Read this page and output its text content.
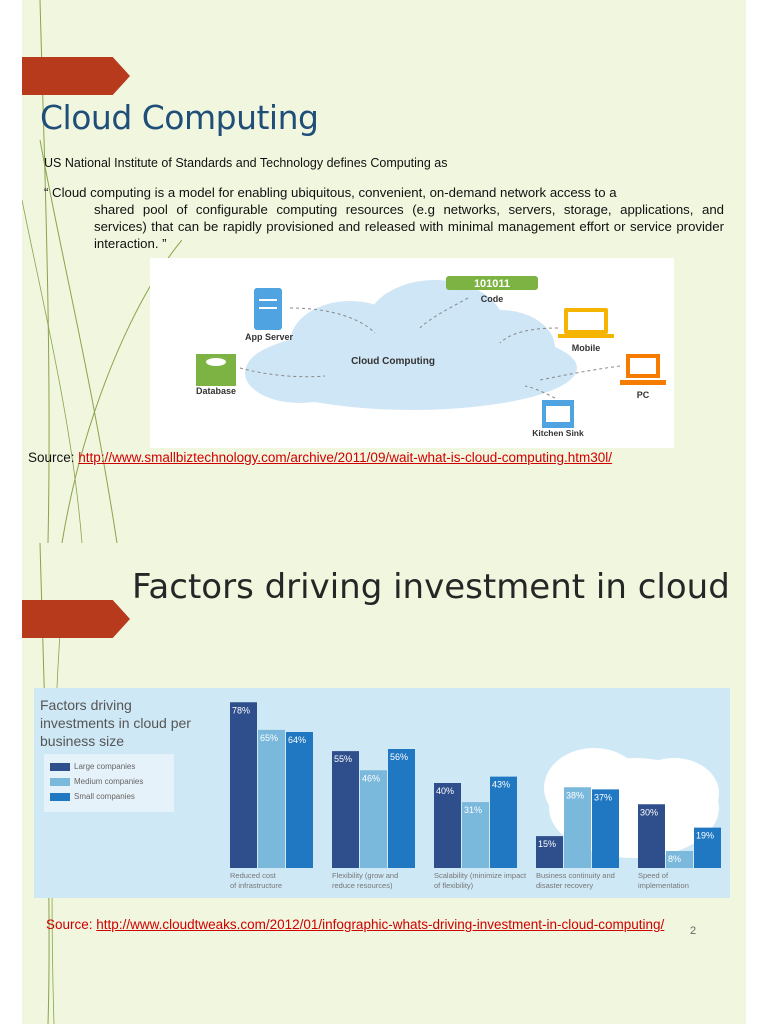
Cloud Computing
US National Institute of Standards and Technology defines Computing as
“ Cloud computing is a model for enabling ubiquitous, convenient, on-demand network access to a
shared pool of configurable computing resources (e.g networks, servers, storage, applications, and services) that can be rapidly provisioned and released with minimal management effort or service provider interaction. ”
Cloud Computing
101011
Code
App Server
Mobile
Database	PC
Kitchen Sink
Source: http://www.smallbiztechnology.com/archive/2011/09/wait-what-is-cloud-computing.htm30l/
Factors driving investment in cloud
Factors driving investments in cloud per business size
Large companies
Medium companies
Small companies
78%
65% 64%
Reduced cost
of infrastructure
55%
46%
56%
Flexibility (grow and
reduce resources)
40%
31%
43%
Scalability (minimize impact
of flexibility)
15%
38% 37%
Business continuity and
disaster recovery
30%
8%
19%
Speed of
implementation
Source: http://www.cloudtweaks.com/2012/01/infographic-whats-driving-investment-in-cloud-computing/	2
